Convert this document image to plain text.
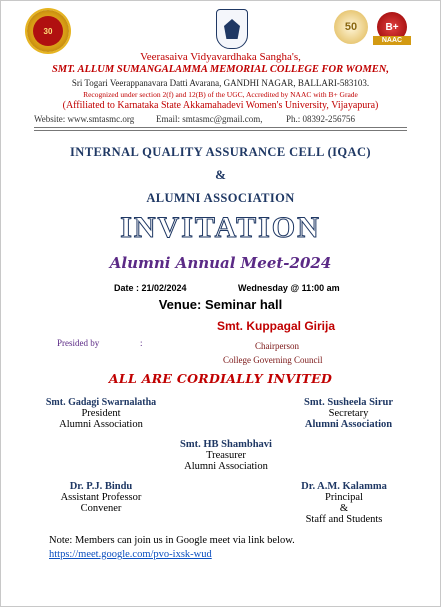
30	50	B+
NAAC
Veerasaiva Vidyavardhaka Sangha's,
SMT. ALLUM SUMANGALAMMA MEMORIAL COLLEGE FOR WOMEN,
Sri Togari Veerappanavara Datti Avarana, GANDHI NAGAR, BALLARI-583103.
Recognized under section 2(f) and 12(B) of the UGC, Accredited by NAAC with B+ Grade
(Affiliated to Karnataka State Akkamahadevi Women's University, Vijayapura)
Website: www.smtasmc.org Email: smtasmc@gmail.com,	Ph.: 08392-256756
INTERNAL QUALITY ASSURANCE CELL (IQAC)
&
ALUMNI ASSOCIATION
INVITATION
Alumni Annual Meet-2024
Date : 21/02/2024	Wednesday @ 11:00 am
Venue: Seminar hall
Smt. Kuppagal Girija
Presided by	:	Chairperson
College Governing Council
ALL ARE CORDIALLY INVITED
Smt. Gadagi Swarnalatha
President
Alumni Association
Smt. Susheela Sirur
Secretary
Alumni Association
Smt. HB Shambhavi
Treasurer
Alumni Association
Dr. P.J. Bindu
Assistant Professor
Convener
Dr. A.M. Kalamma
Principal
&
Staff and Students
Note: Members can join us in Google meet via link below.
https://meet.google.com/pvo-ixsk-wud
